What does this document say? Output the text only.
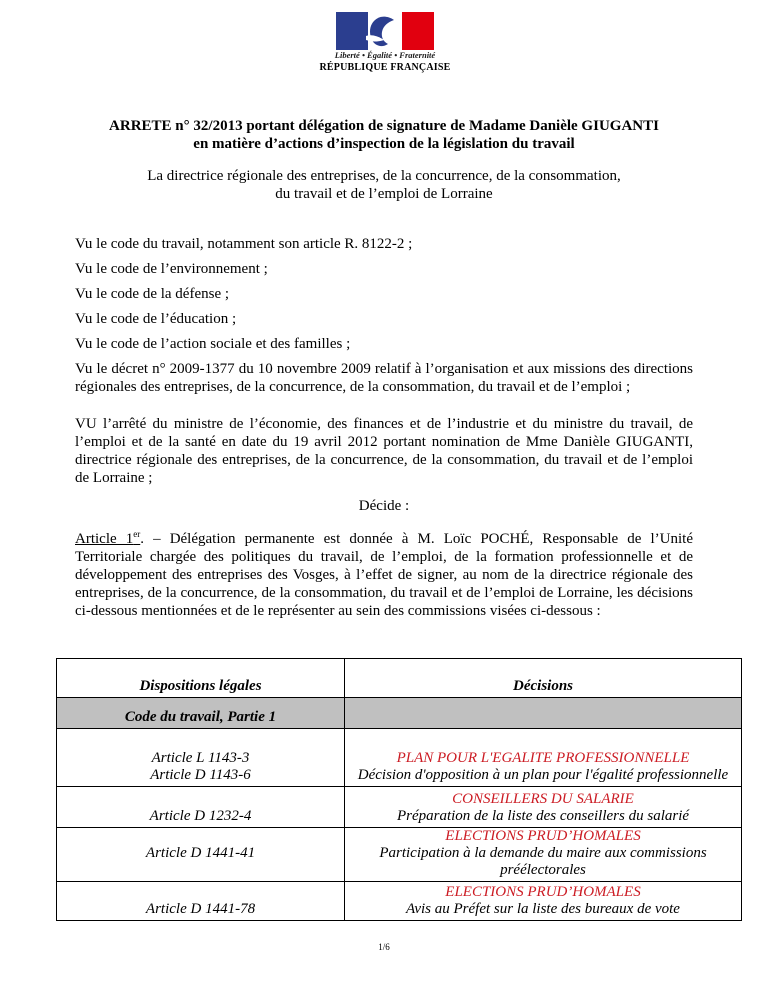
Liberté • Égalité • Fraternité
RÉPUBLIQUE FRANÇAISE
ARRETE n° 32/2013 portant délégation de signature de Madame Danièle GIUGANTI
en matière d’actions d’inspection de la législation du travail
La directrice régionale des entreprises, de la concurrence, de la consommation,
du travail et de l’emploi de Lorraine
Vu le code du travail, notamment son article R. 8122-2 ;
Vu le code de l’environnement ;
Vu le code de la défense ;
Vu le code de l’éducation ;
Vu le code de l’action sociale et des familles ;
Vu le décret n° 2009-1377 du 10 novembre 2009 relatif à l’organisation et aux missions des directions régionales des entreprises, de la concurrence, de la consommation, du travail et de l’emploi ;
VU l’arrêté du ministre de l’économie, des finances et de l’industrie et du ministre du travail, de l’emploi et de la santé en date du 19 avril 2012 portant nomination de Mme Danièle GIUGANTI, directrice régionale des entreprises, de la concurrence, de la consommation, du travail et de l’emploi de Lorraine ;
Décide :
Article 1er. – Délégation permanente est donnée à M. Loïc POCHÉ, Responsable de l’Unité Territoriale chargée des politiques du travail, de l’emploi, de la formation professionnelle et de développement des entreprises des Vosges, à l’effet de signer, au nom de la directrice régionale des entreprises, de la concurrence, de la consommation, du travail et de l’emploi de Lorraine, les décisions ci-dessous mentionnées et de le représenter au sein des commissions visées ci-dessous :
Dispositions légales	Décisions
Code du travail, Partie 1	

Article L 1143-3
Article D 1143-6	PLAN POUR L'EGALITE PROFESSIONNELLE
Décision d'opposition à un plan pour l'égalité professionnelle

Article D 1232-4	CONSEILLERS DU SALARIE
Préparation de la liste des conseillers du salarié

Article D 1441-41	ELECTIONS PRUD’HOMALES
Participation à la demande du maire aux commissions
préélectorales

Article D 1441-78	ELECTIONS PRUD’HOMALES
Avis au Préfet sur la liste des bureaux de vote
1/6
